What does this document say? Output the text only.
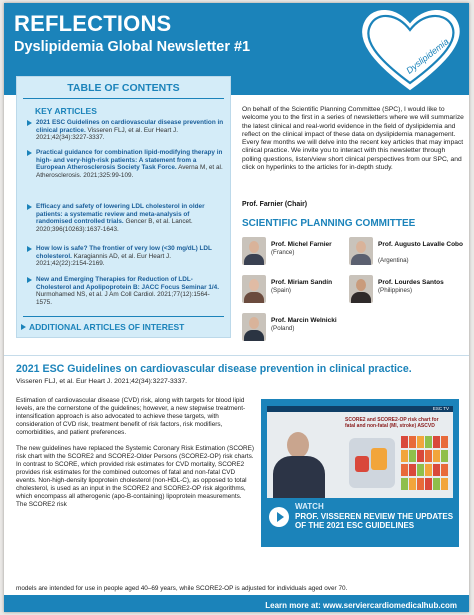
REFLECTIONS
Dyslipidemia Global Newsletter #1	Dyslipidemia
TABLE OF CONTENTS
KEY ARTICLES
2021 ESC Guidelines on cardiovascular disease prevention in clinical practice. Visseren FLJ, et al. Eur Heart J. 2021;42(34):3227-3337.
Practical guidance for combination lipid-modifying therapy in high- and very-high-risk patients: A statement from a European Atherosclerosis Society Task Force. Averna M, et al. Atherosclerosis. 2021;325:99-109.
Efficacy and safety of lowering LDL cholesterol in older patients: a systematic review and meta-analysis of randomised controlled trials. Gencer B, et al. Lancet. 2020;396(10263):1637-1643.
How low is safe? The frontier of very low (<30 mg/dL) LDL cholesterol. Karagiannis AD, et al. Eur Heart J. 2021;42(22):2154-2169.
New and Emerging Therapies for Reduction of LDL-Cholesterol and Apolipoprotein B: JACC Focus Seminar 1/4. Nurmohamed NS, et al. J Am Coll Cardiol. 2021;77(12):1564-1575.
ADDITIONAL ARTICLES OF INTEREST
On behalf of the Scientific Planning Committee (SPC), I would like to welcome you to the first in a series of newsletters where we will summarize the latest clinical and real-world evidence in the field of dyslipidemia and reflect on the clinical impact of these data on dyslipidemia management. Every few months we will delve into the recent key articles that may impact clinical practice. We invite you to interact with this newsletter through polling questions, listen/view short clinical perspectives from our SPC, and click on hyperlinks to the articles for in-depth study.
Prof. Farnier (Chair)
SCIENTIFIC PLANNING COMMITTEE
Prof. Michel Farnier
(France)
Prof. Augusto Lavalle Cobo
(Argentina)
Prof. Miriam Sandín
(Spain)
Prof. Lourdes Santos
(Philippines)
Prof. Marcin Welnicki
(Poland)
2021 ESC Guidelines on cardiovascular disease prevention in clinical practice.
Visseren FLJ, et al. Eur Heart J. 2021;42(34):3227-3337.

Estimation of cardiovascular disease (CVD) risk, along with targets for blood lipid levels, are the cornerstone of the guidelines; however, a new stepwise treatment-intensification approach is also advocated to achieve these targets, with consideration of CVD risk, treatment benefit of risk factors, risk modifiers, comorbidities, and patient preferences.

The new guidelines have replaced the Systemic Coronary Risk Estimation (SCORE) risk chart with the SCORE2 and SCORE2-Older Persons (SCORE2-OP) risk charts. In contrast to SCORE, which provided risk estimates for CVD mortality, SCORE2 provides risk estimates for the combined outcomes of fatal and non-fatal CVD events. Non-high-density lipoprotein cholesterol (non-HDL-C), as opposed to total cholesterol, is used as an input in the SCORE2 and SCORE2-OP risk algorithms, which encompass all atherogenic (apo-B-containing) lipoprotein measurements. The SCORE2 risk

models are intended for use in people aged 40–69 years, while SCORE2-OP is adjusted for individuals aged over 70.
ESC TV
SCORE2 and SCORE2-OP risk chart for fatal and non-fatal (MI, stroke) ASCVD
WATCH
PROF. VISSEREN REVIEW THE UPDATES OF THE 2021 ESC GUIDELINES
Learn more at: www.serviercardiomedicalhub.com
